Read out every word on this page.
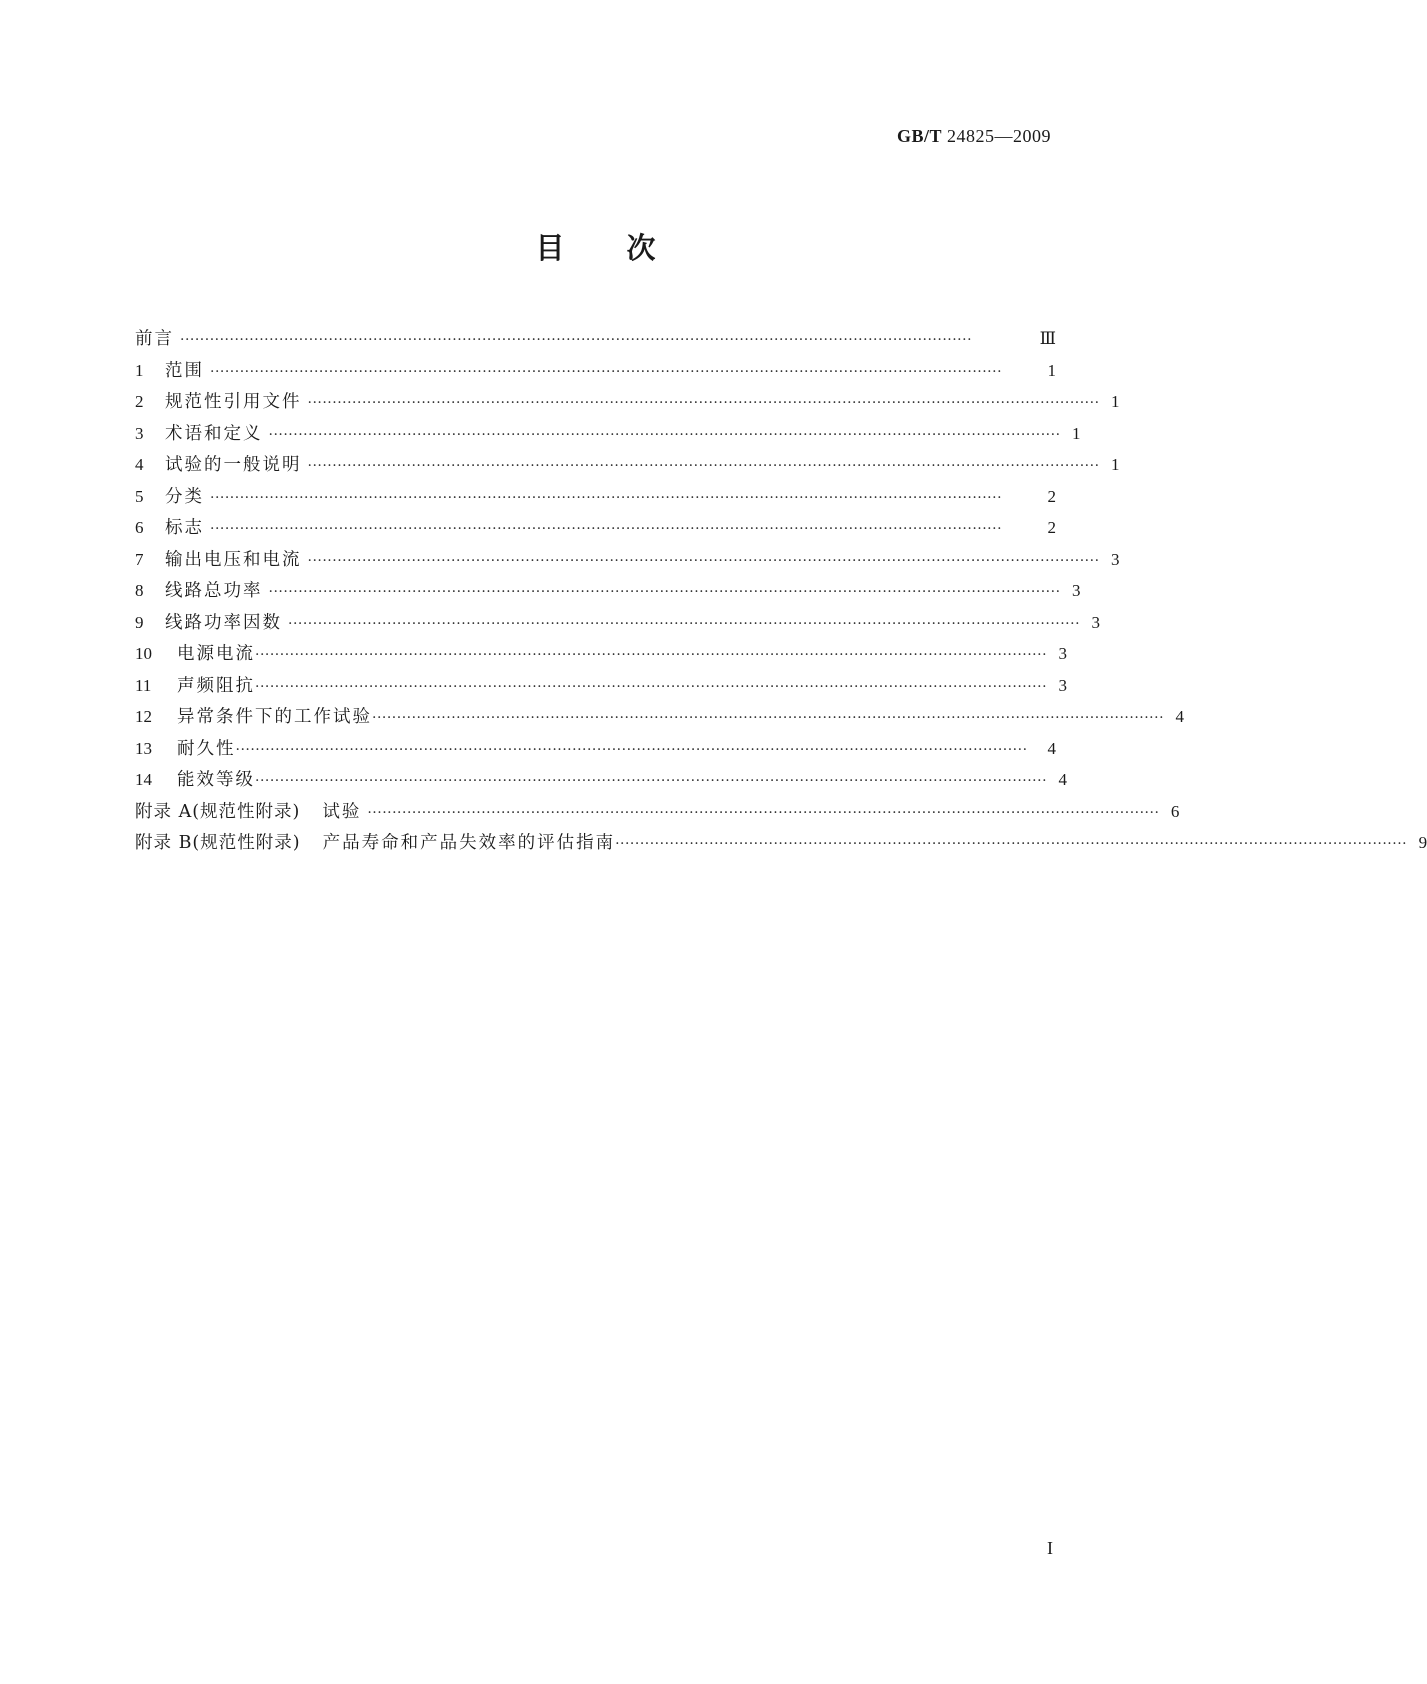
GB/T 24825—2009
目次
前言 ································································································································································	Ⅲ
1	范围 ································································································································································	1
2	规范性引用文件 ································································································································································ 1
3	术语和定义 ································································································································································ 1
4	试验的一般说明 ································································································································································ 1
5	分类 ································································································································································	2
6	标志 ································································································································································	2
7	输出电压和电流 ································································································································································ 3
8	线路总功率 ································································································································································ 3
9	线路功率因数 ································································································································································ 3
10 电源电流 ································································································································································ 3
11	声频阻抗 ································································································································································ 3
12 异常条件下的工作试验 ································································································································································ 4
13 耐久性 ································································································································································	4
14 能效等级 ································································································································································ 4
附录 A(规范性附录) 试验 ································································································································································ 6
附录 B(规范性附录) 产品寿命和产品失效率的评估指南 ································································································································································ 9
I
